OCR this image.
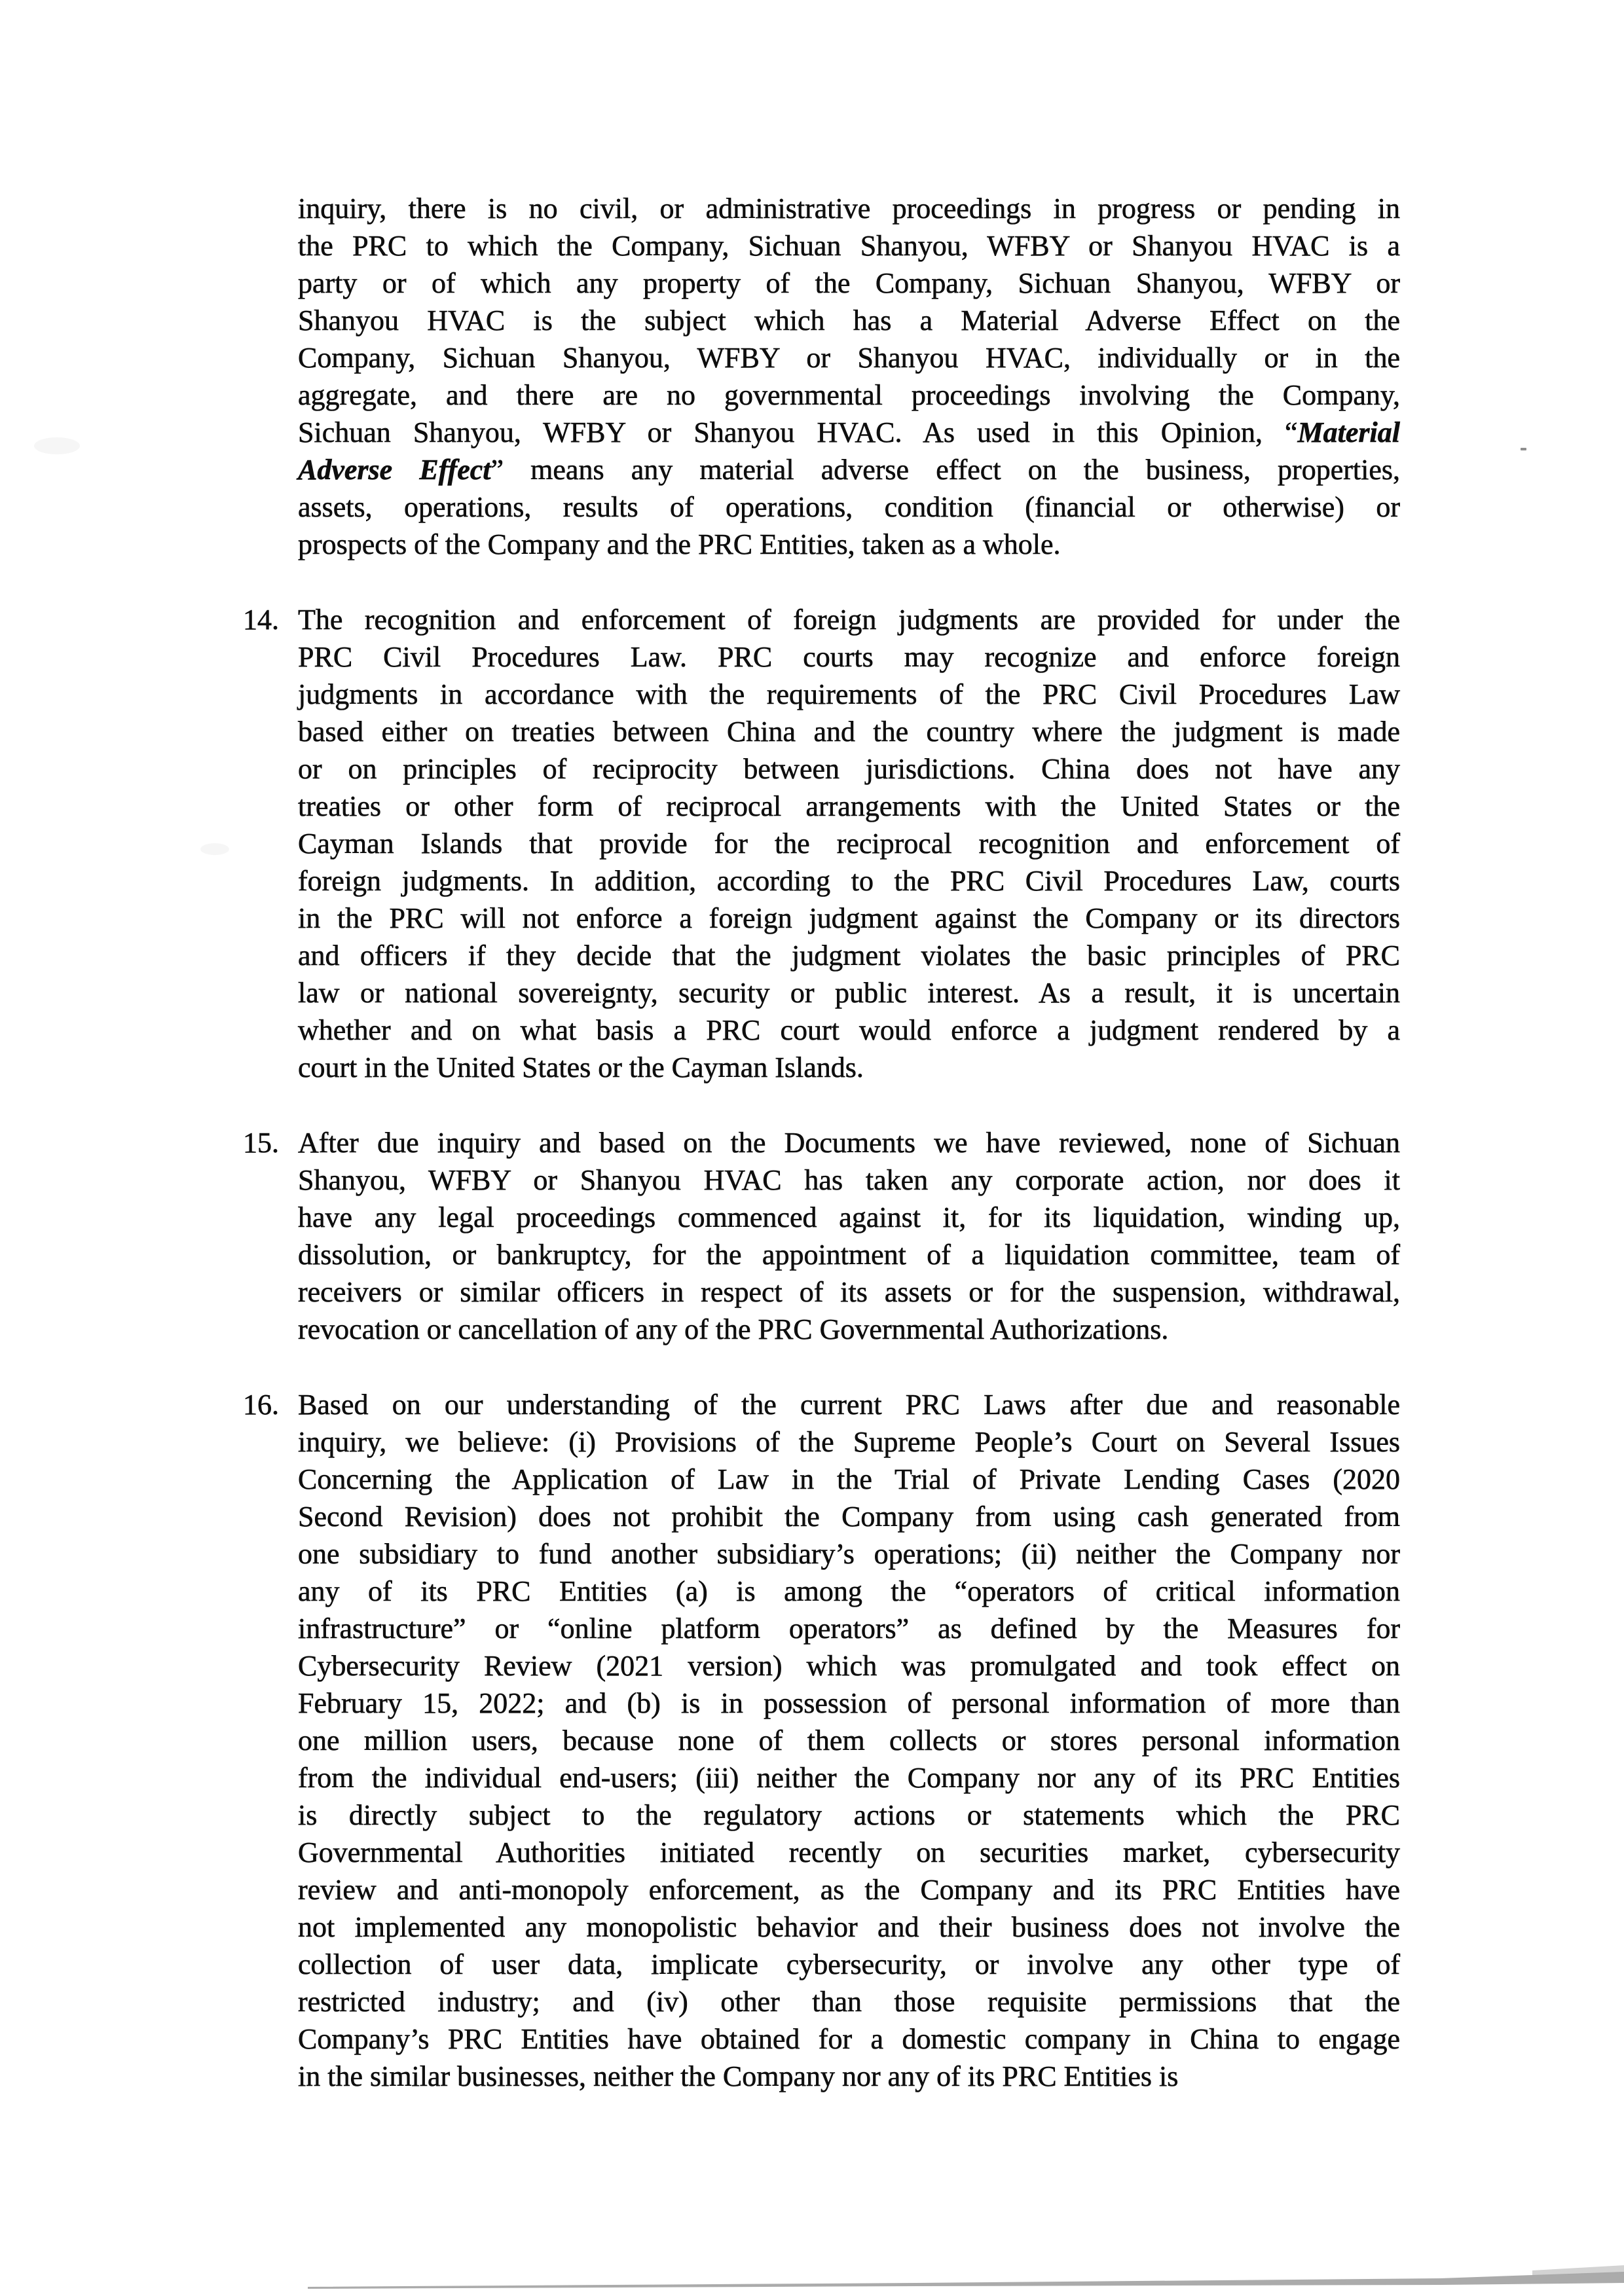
inquiry, there is no civil, or administrative proceedings in progress or pending in
the PRC to which the Company, Sichuan Shanyou, WFBY or Shanyou HVAC is a
party or of which any property of the Company, Sichuan Shanyou, WFBY or
Shanyou HVAC is the subject which has a Material Adverse Effect on the
Company, Sichuan Shanyou, WFBY or Shanyou HVAC, individually or in the
aggregate, and there are no governmental proceedings involving the Company,
Sichuan Shanyou, WFBY or Shanyou HVAC. As used in this Opinion, “Material
Adverse Effect” means any material adverse effect on the business, properties,
assets, operations, results of operations, condition (financial or otherwise) or
prospects of the Company and the PRC Entities, taken as a whole.
14. The recognition and enforcement of foreign judgments are provided for under the
PRC Civil Procedures Law. PRC courts may recognize and enforce foreign
judgments in accordance with the requirements of the PRC Civil Procedures Law
based either on treaties between China and the country where the judgment is made
or on principles of reciprocity between jurisdictions. China does not have any
treaties or other form of reciprocal arrangements with the United States or the
Cayman Islands that provide for the reciprocal recognition and enforcement of
foreign judgments. In addition, according to the PRC Civil Procedures Law, courts
in the PRC will not enforce a foreign judgment against the Company or its directors
and officers if they decide that the judgment violates the basic principles of PRC
law or national sovereignty, security or public interest. As a result, it is uncertain
whether and on what basis a PRC court would enforce a judgment rendered by a
court in the United States or the Cayman Islands.
15. After due inquiry and based on the Documents we have reviewed, none of Sichuan
Shanyou, WFBY or Shanyou HVAC has taken any corporate action, nor does it
have any legal proceedings commenced against it, for its liquidation, winding up,
dissolution, or bankruptcy, for the appointment of a liquidation committee, team of
receivers or similar officers in respect of its assets or for the suspension, withdrawal,
revocation or cancellation of any of the PRC Governmental Authorizations.
16. Based on our understanding of the current PRC Laws after due and reasonable
inquiry, we believe: (i) Provisions of the Supreme People’s Court on Several Issues
Concerning the Application of Law in the Trial of Private Lending Cases (2020
Second Revision) does not prohibit the Company from using cash generated from
one subsidiary to fund another subsidiary’s operations; (ii) neither the Company nor
any of its PRC Entities (a) is among the “operators of critical information
infrastructure” or “online platform operators” as defined by the Measures for
Cybersecurity Review (2021 version) which was promulgated and took effect on
February 15, 2022; and (b) is in possession of personal information of more than
one million users, because none of them collects or stores personal information
from the individual end-users; (iii) neither the Company nor any of its PRC Entities
is directly subject to the regulatory actions or statements which the PRC
Governmental Authorities initiated recently on securities market, cybersecurity
review and anti-monopoly enforcement, as the Company and its PRC Entities have
not implemented any monopolistic behavior and their business does not involve the
collection of user data, implicate cybersecurity, or involve any other type of
restricted industry; and (iv) other than those requisite permissions that the
Company’s PRC Entities have obtained for a domestic company in China to engage
in the similar businesses, neither the Company nor any of its PRC Entities is
